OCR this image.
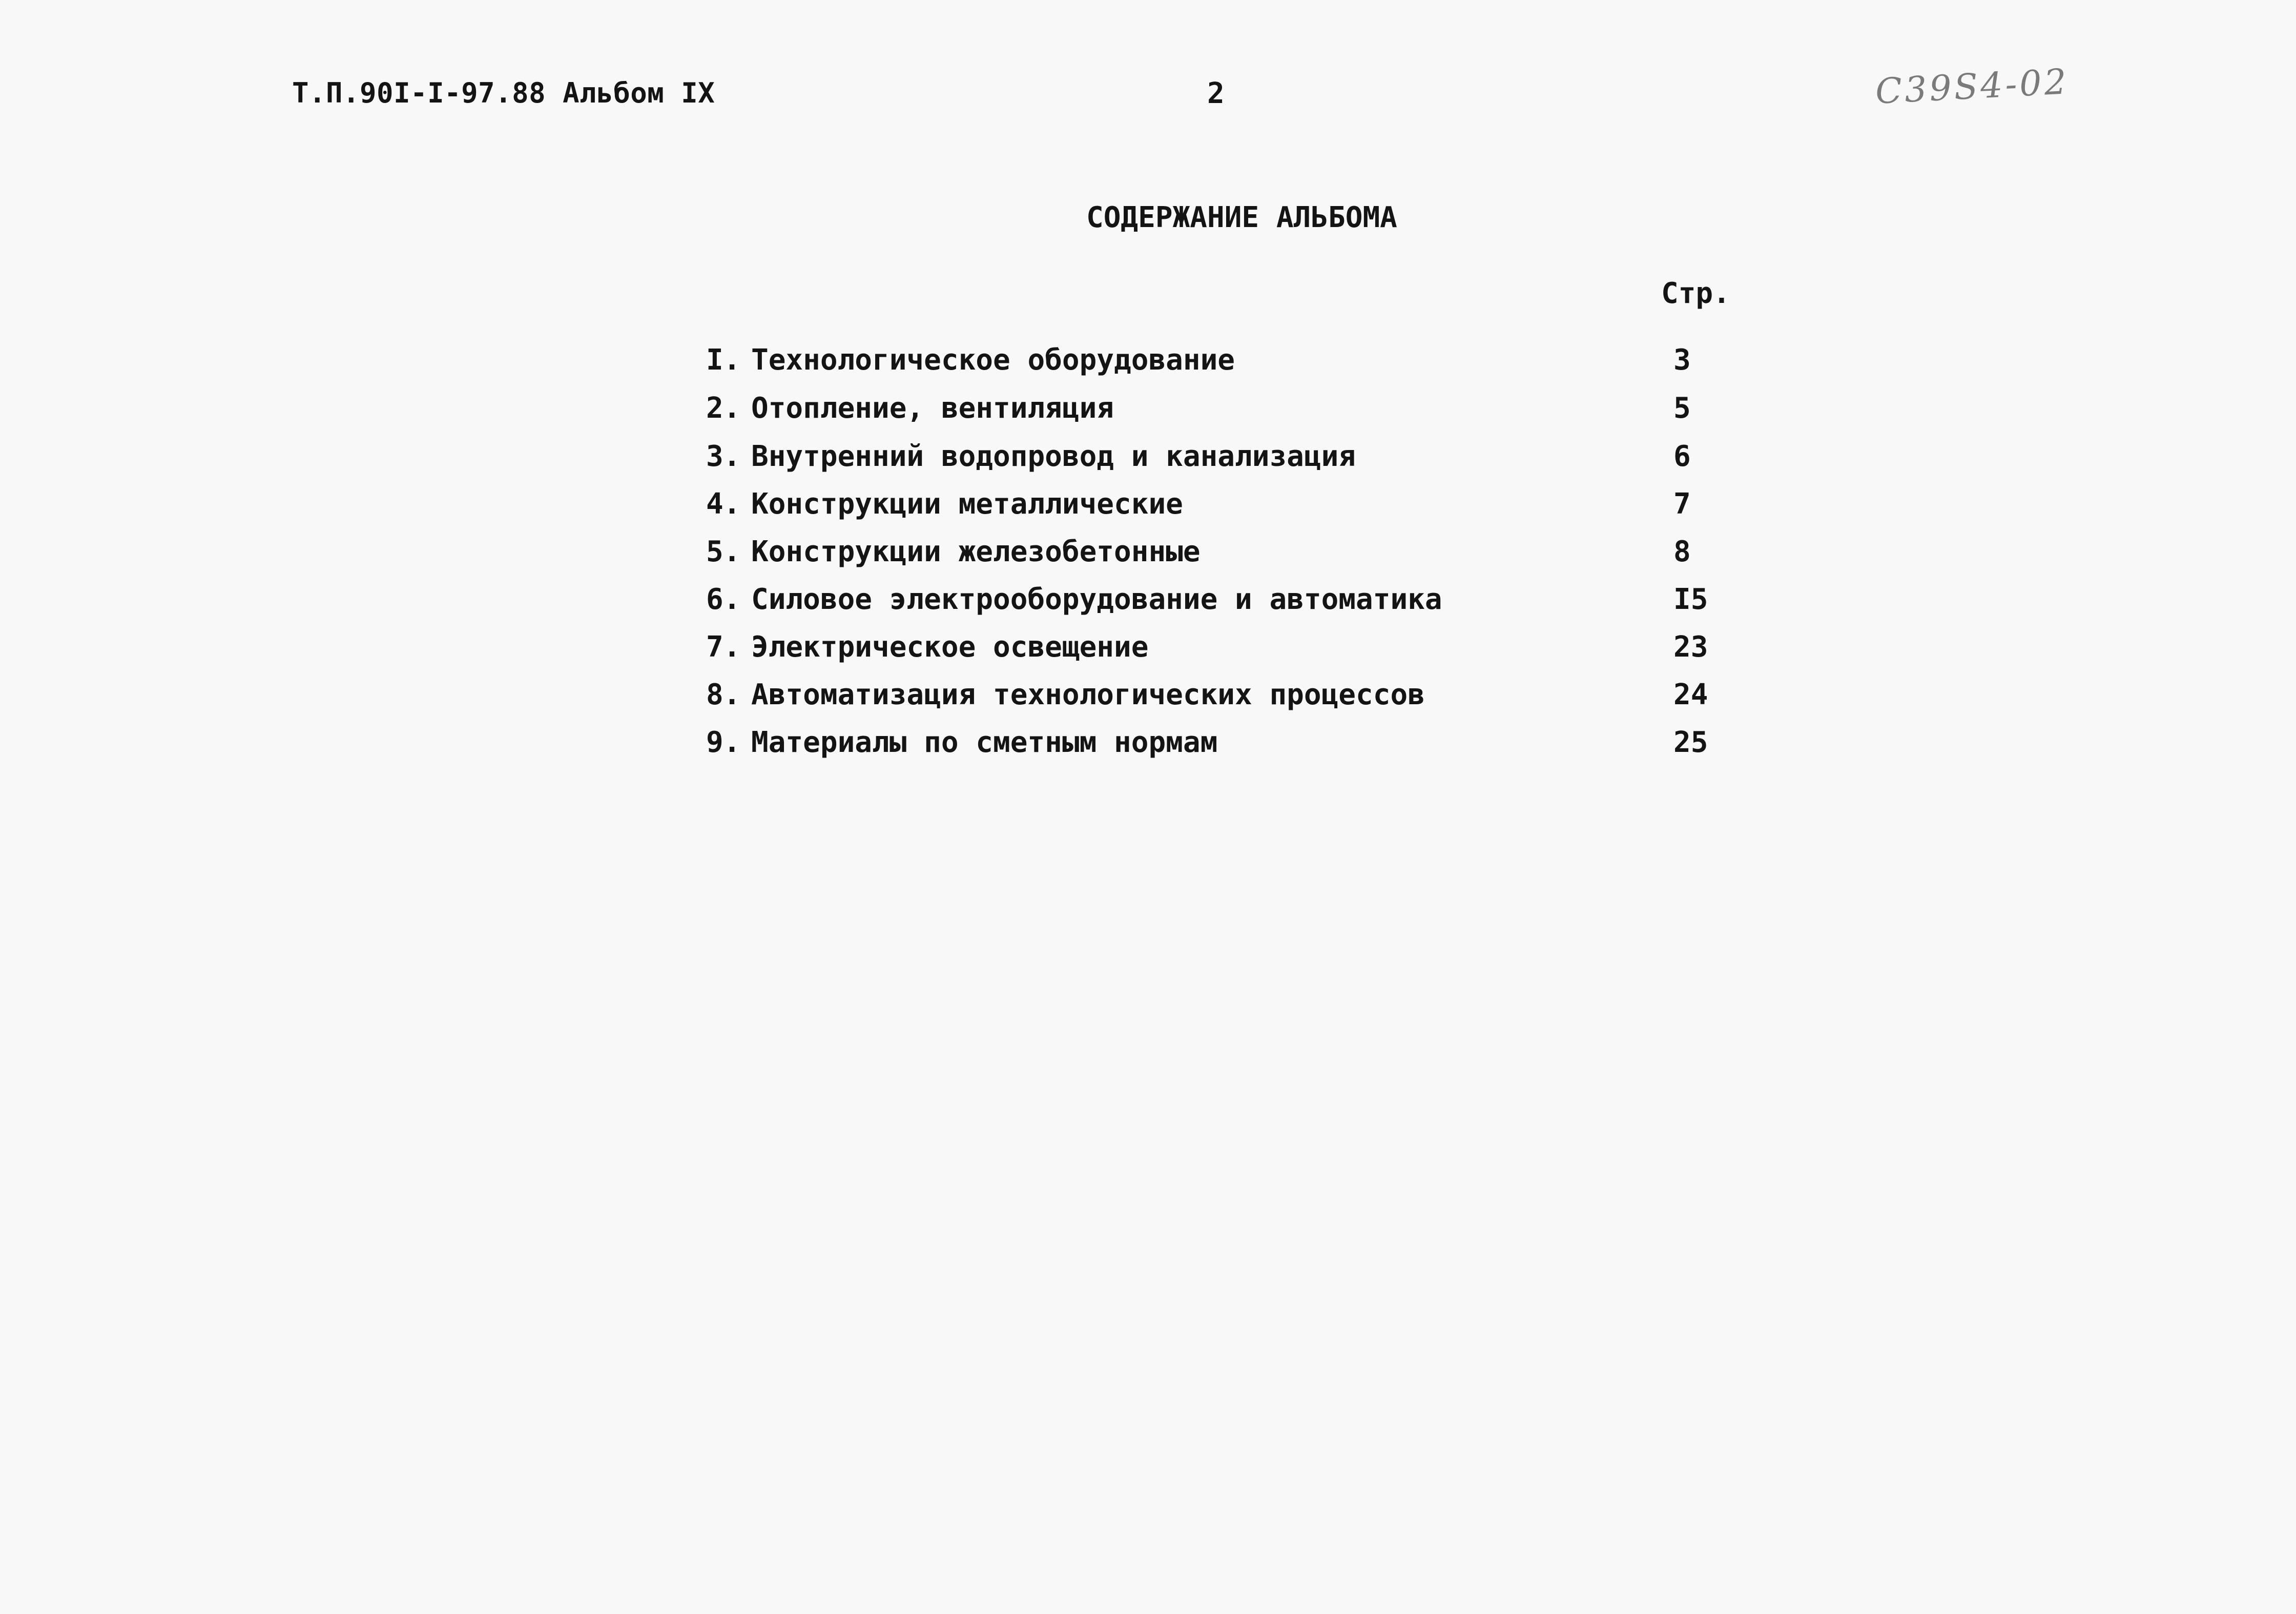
Т.П.90I-I-97.88 Альбом IX	2	C39S4-02
СОДЕРЖАНИЕ АЛЬБОМА
Стр.
I. Технологическое оборудование	3
2. Отопление, вентиляция	5
3. Внутренний водопровод и канализация	6
4. Конструкции металлические	7
5. Конструкции железобетонные	8
6. Силовое электрооборудование и автоматика	I5
7. Электрическое освещение	23
8. Автоматизация технологических процессов	24
9. Материалы по сметным нормам	25
